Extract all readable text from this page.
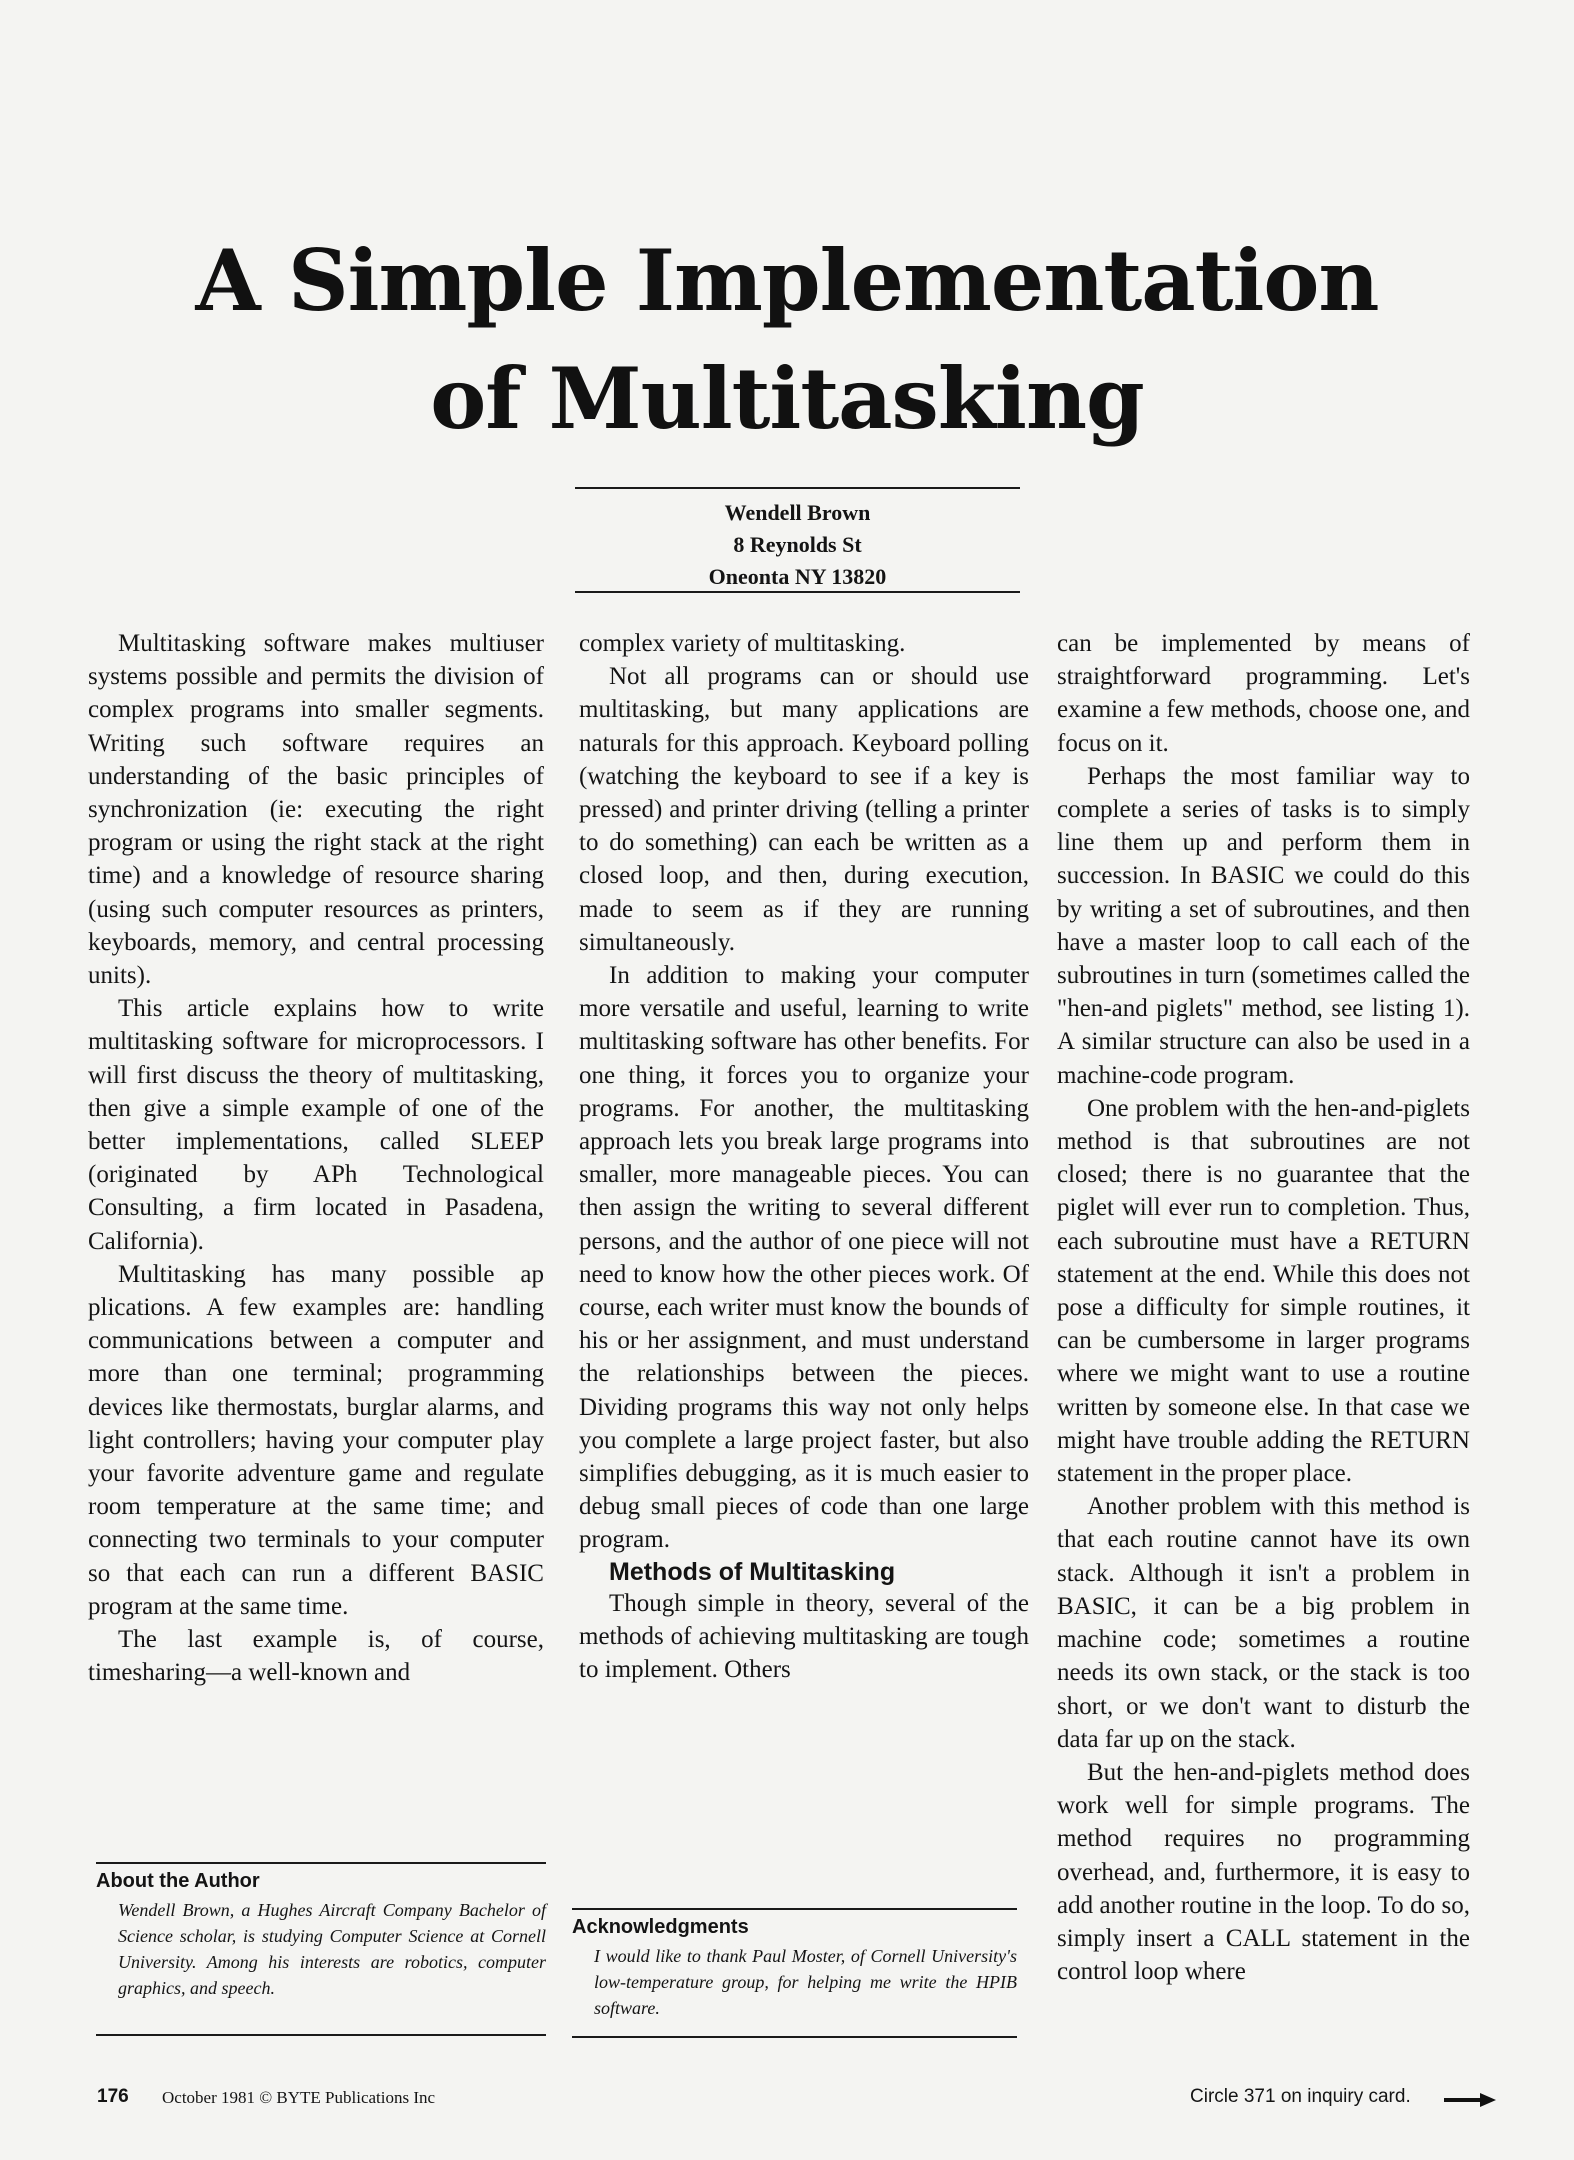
A Simple Implementation
of Multitasking
Wendell Brown
8 Reynolds St
Oneonta NY 13820

Multitasking software makes multiuser systems possible and permits the division of complex programs into smaller segments. Writing such software requires an understanding of the basic principles of synchronization (ie: executing the right program or using the right stack at the right time) and a knowledge of resource sharing (using such computer resources as printers, keyboards, memory, and central processing units).

This article explains how to write multitasking software for microprocessors. I will first discuss the theory of multitasking, then give a simple example of one of the better implementations, called SLEEP (originated by APh Technological Consulting, a firm located in Pasadena, California).

Multitasking has many possible ap plications. A few examples are: handling communications between a computer and more than one terminal; programming devices like thermostats, burglar alarms, and light controllers; having your computer play your favorite adventure game and regulate room temperature at the same time; and connecting two terminals to your computer so that each can run a different BASIC program at the same time.

The last example is, of course, timesharing—a well-known and

complex variety of multitasking.

Not all programs can or should use multitasking, but many applications are naturals for this approach. Keyboard polling (watching the keyboard to see if a key is pressed) and printer driving (telling a printer to do something) can each be written as a closed loop, and then, during execution, made to seem as if they are running simultaneously.

In addition to making your computer more versatile and useful, learning to write multitasking software has other benefits. For one thing, it forces you to organize your programs. For another, the multitasking approach lets you break large programs into smaller, more manageable pieces. You can then assign the writing to several different persons, and the author of one piece will not need to know how the other pieces work. Of course, each writer must know the bounds of his or her assignment, and must understand the relationships between the pieces. Dividing programs this way not only helps you complete a large project faster, but also simplifies debugging, as it is much easier to debug small pieces of code than one large program.

Methods of Multitasking

Though simple in theory, several of the methods of achieving multitasking are tough to implement. Others

can be implemented by means of straightforward programming. Let's examine a few methods, choose one, and focus on it.

Perhaps the most familiar way to complete a series of tasks is to simply line them up and perform them in succession. In BASIC we could do this by writing a set of subroutines, and then have a master loop to call each of the subroutines in turn (sometimes called the "hen-and piglets" method, see listing 1). A similar structure can also be used in a machine-code program.

One problem with the hen-and-piglets method is that subroutines are not closed; there is no guarantee that the piglet will ever run to completion. Thus, each subroutine must have a RETURN statement at the end. While this does not pose a difficulty for simple routines, it can be cumbersome in larger programs where we might want to use a routine written by someone else. In that case we might have trouble adding the RETURN statement in the proper place.

Another problem with this method is that each routine cannot have its own stack. Although it isn't a problem in BASIC, it can be a big problem in machine code; sometimes a routine needs its own stack, or the stack is too short, or we don't want to disturb the data far up on the stack.

But the hen-and-piglets method does work well for simple programs. The method requires no programming overhead, and, furthermore, it is easy to add another routine in the loop. To do so, simply insert a CALL statement in the control loop where

About the Author

Wendell Brown, a Hughes Aircraft Company Bachelor of Science scholar, is studying Computer Science at Cornell University. Among his interests are robotics, computer graphics, and speech.

Acknowledgments

I would like to thank Paul Moster, of Cornell University's low-temperature group, for helping me write the HPIB software.

176 October 1981 © BYTE Publications Inc	Circle 371 on inquiry card.
